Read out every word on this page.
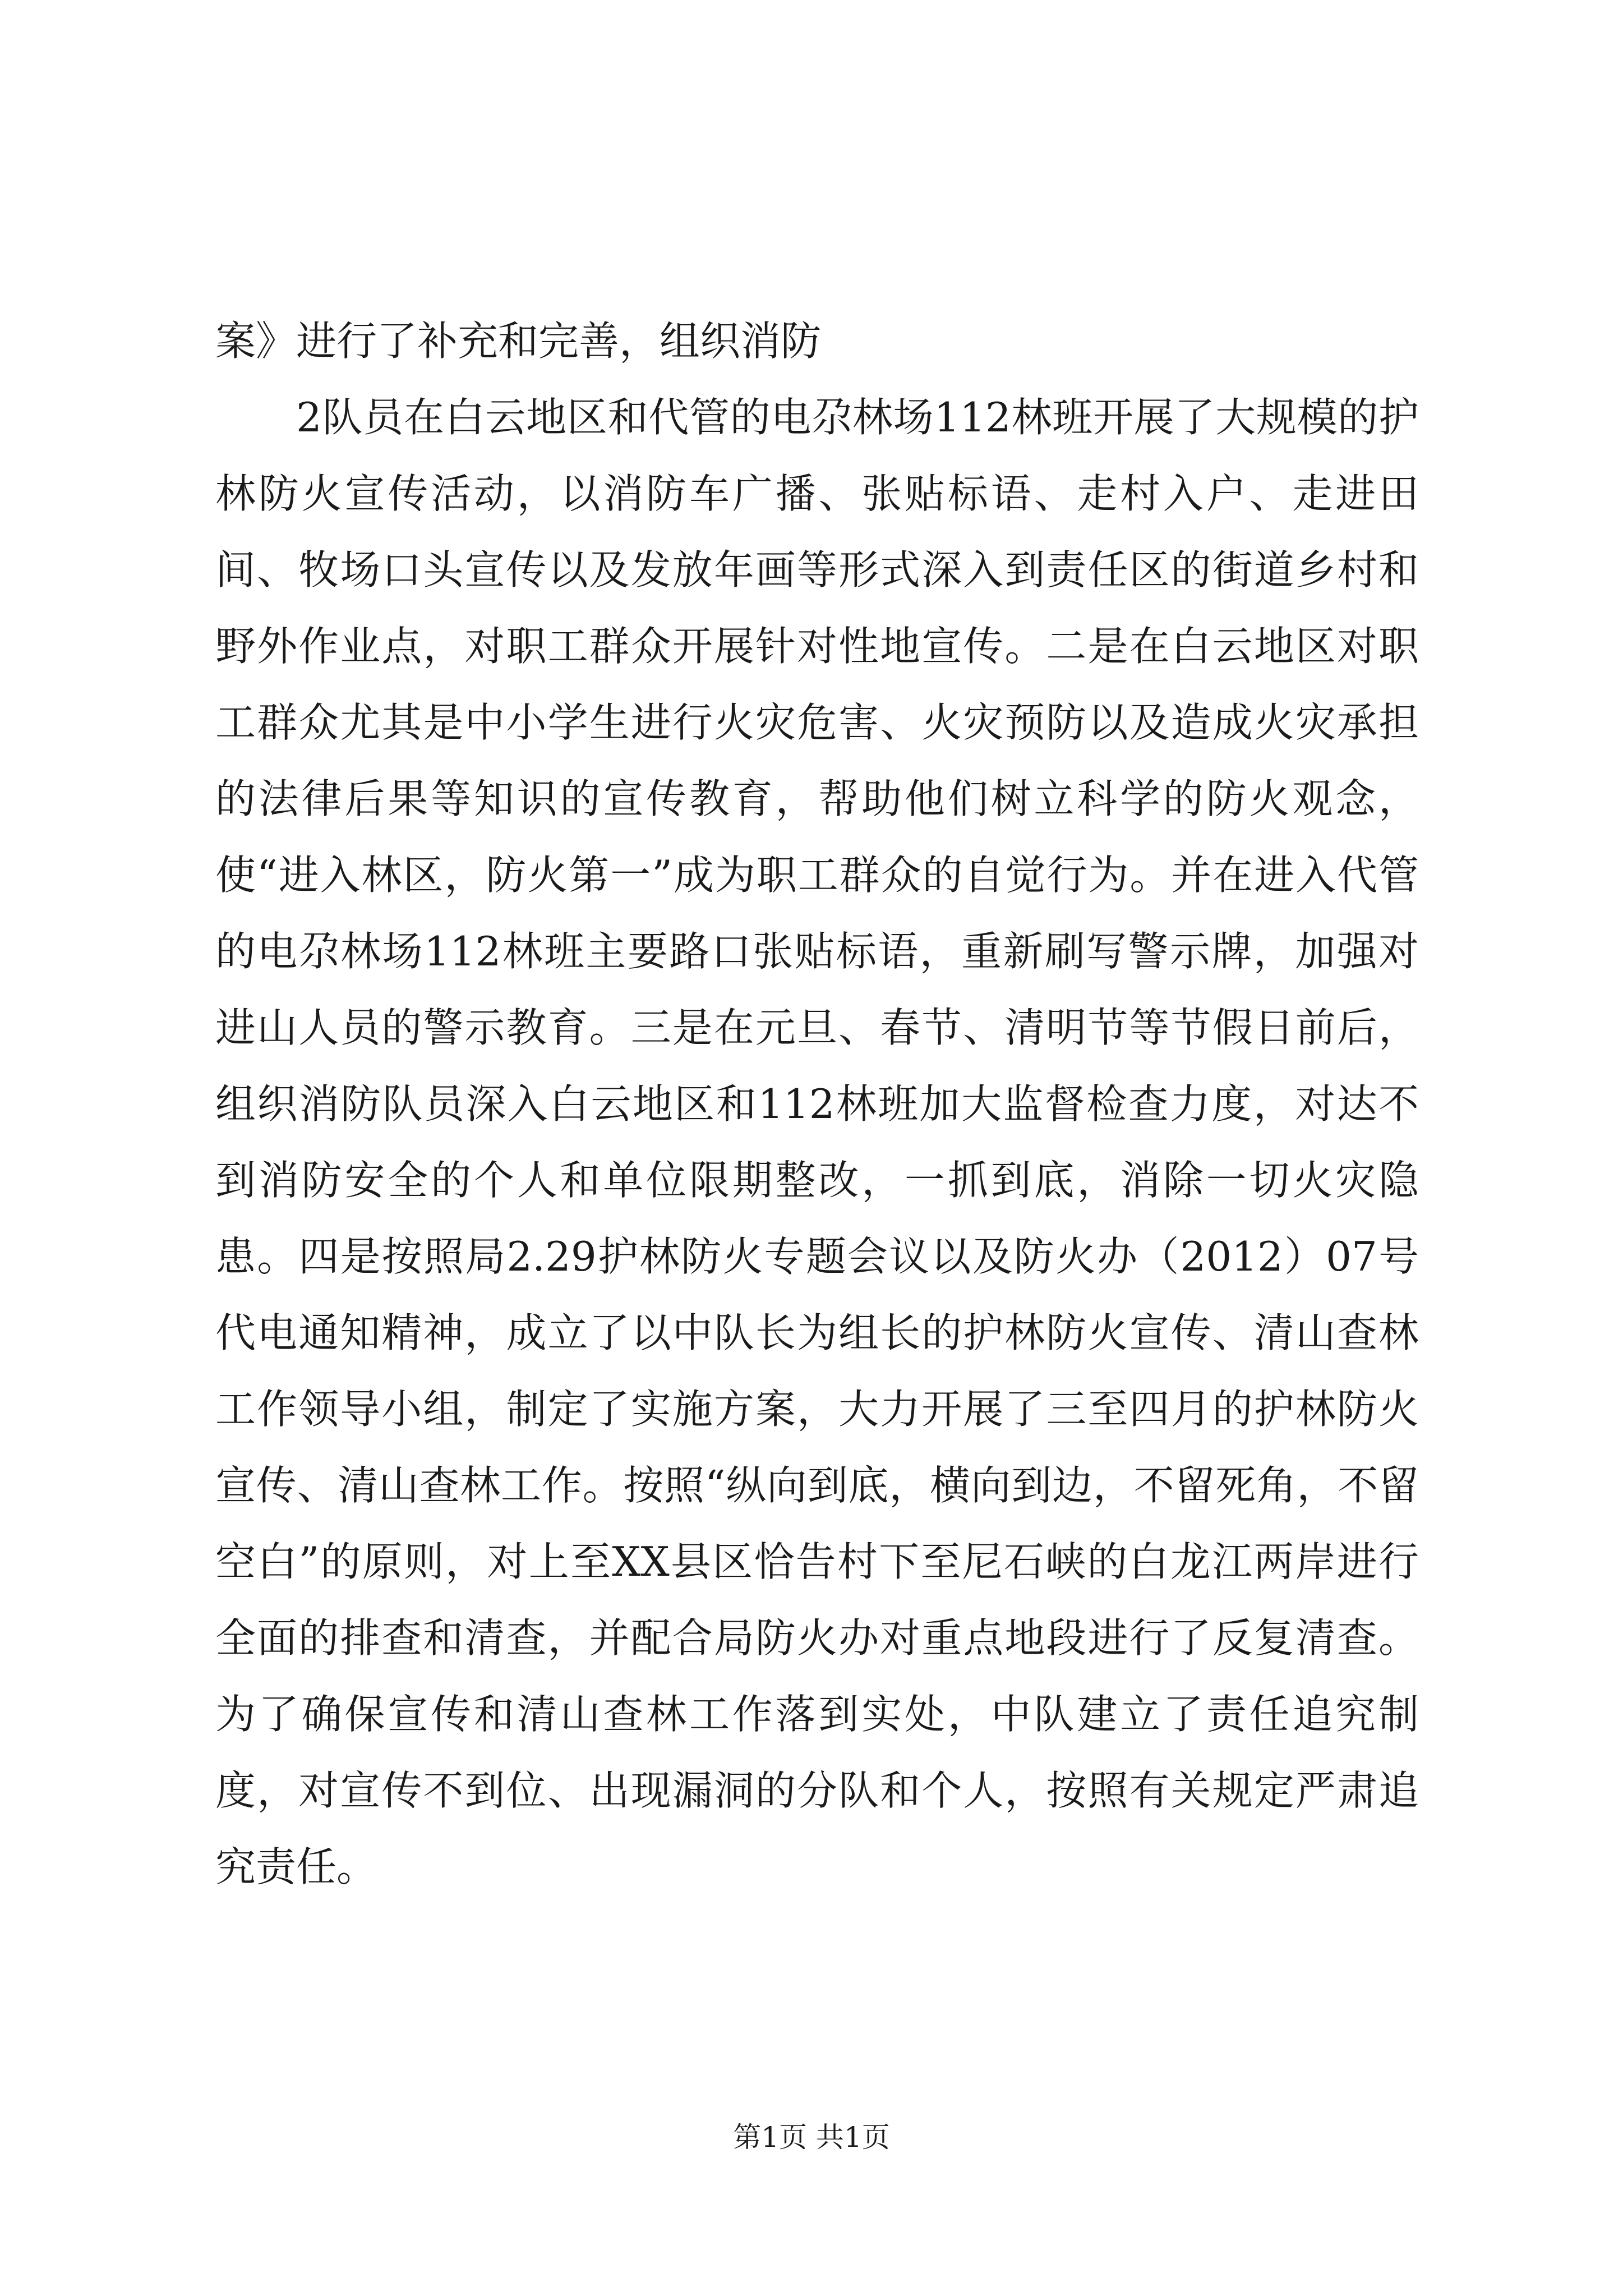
案》进行了补充和完善，组织消防

2队员在白云地区和代管的电尕林场112林班开展了大规模的护林防火宣传活动，以消防车广播、张贴标语、走村入户、走进田间、牧场口头宣传以及发放年画等形式深入到责任区的街道乡村和野外作业点，对职工群众开展针对性地宣传。二是在白云地区对职工群众尤其是中小学生进行火灾危害、火灾预防以及造成火灾承担的法律后果等知识的宣传教育，帮助他们树立科学的防火观念，使“进入林区，防火第一”成为职工群众的自觉行为。并在进入代管的电尕林场112林班主要路口张贴标语，重新刷写警示牌，加强对进山人员的警示教育。三是在元旦、春节、清明节等节假日前后，组织消防队员深入白云地区和112林班加大监督检查力度，对达不到消防安全的个人和单位限期整改，一抓到底，消除一切火灾隐患。四是按照局2.29护林防火专题会议以及防火办（2012）07号代电通知精神，成立了以中队长为组长的护林防火宣传、清山查林工作领导小组，制定了实施方案，大力开展了三至四月的护林防火宣传、清山查林工作。按照“纵向到底，横向到边，不留死角，不留空白”的原则，对上至XX县区恰告村下至尼石峡的白龙江两岸进行全面的排查和清查，并配合局防火办对重点地段进行了反复清查。为了确保宣传和清山查林工作落到实处，中队建立了责任追究制度，对宣传不到位、出现漏洞的分队和个人，按照有关规定严肃追究责任。

第1页 共1页
